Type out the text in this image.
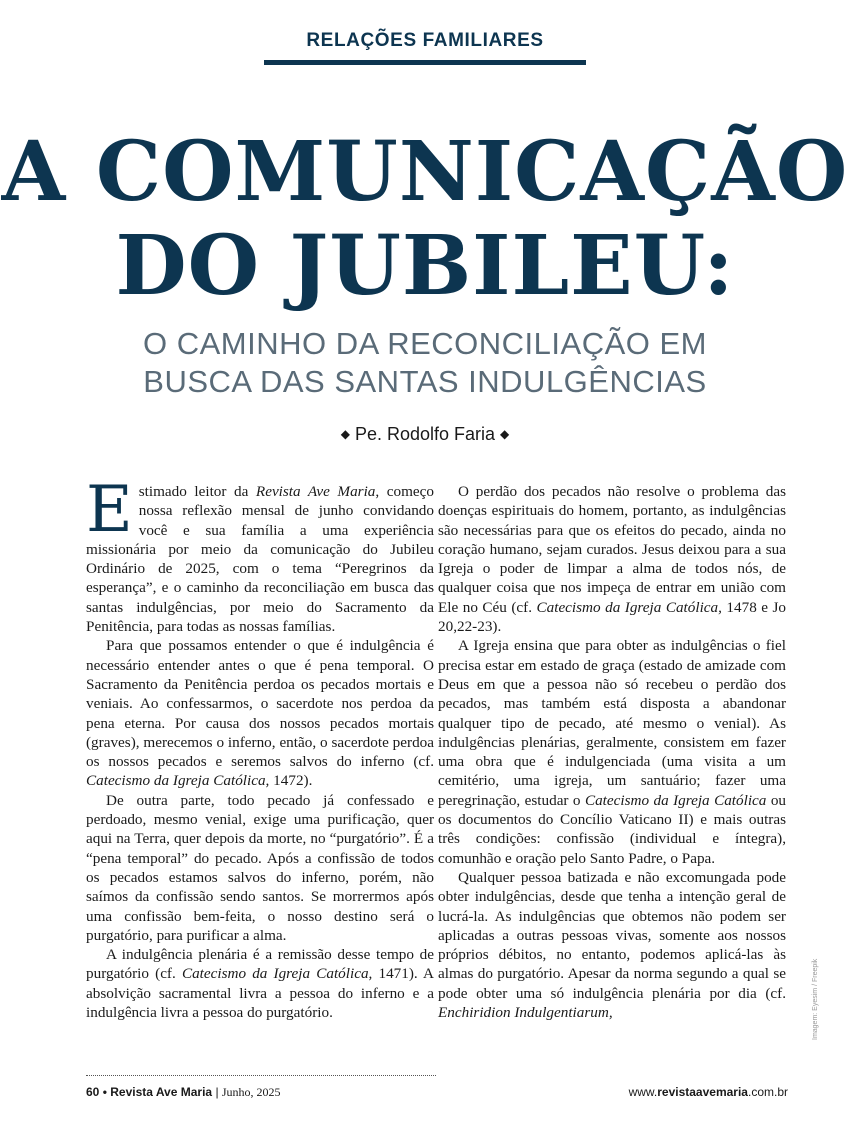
RELAÇÕES FAMILIARES
A COMUNICAÇÃO
DO JUBILEU:
O CAMINHO DA RECONCILIAÇÃO EM
BUSCA DAS SANTAS INDULGÊNCIAS
◆ Pe. Rodolfo Faria ◆

Estimado leitor da Revista Ave Maria, começo nossa reflexão mensal de junho convidando você e sua família a uma experiência missionária por meio da comunicação do Jubileu Ordinário de 2025, com o tema “Peregrinos da esperança”, e o caminho da reconciliação em busca das santas indulgências, por meio do Sacramento da Penitência, para todas as nossas famílias.

Para que possamos entender o que é indulgência é necessário entender antes o que é pena temporal. O Sacramento da Penitência perdoa os pecados mortais e veniais. Ao confessarmos, o sacerdote nos perdoa da pena eterna. Por causa dos nossos pecados mortais (graves), merecemos o inferno, então, o sacerdote perdoa os nossos pecados e seremos salvos do inferno (cf. Catecismo da Igreja Católica, 1472).

De outra parte, todo pecado já confessado e perdoado, mesmo venial, exige uma purificação, quer aqui na Terra, quer depois da morte, no “purgatório”. É a “pena temporal” do pecado. Após a confissão de todos os pecados estamos salvos do inferno, porém, não saímos da confissão sendo santos. Se morrermos após uma confissão bem-feita, o nosso destino será o purgatório, para purificar a alma.

A indulgência plenária é a remissão desse tempo de purgatório (cf. Catecismo da Igreja Católica, 1471). A absolvição sacramental livra a pessoa do inferno e a indulgência livra a pessoa do purgatório.

O perdão dos pecados não resolve o problema das doenças espirituais do homem, portanto, as indulgências são necessárias para que os efeitos do pecado, ainda no coração humano, sejam curados. Jesus deixou para a sua Igreja o poder de limpar a alma de todos nós, de qualquer coisa que nos impeça de entrar em união com Ele no Céu (cf. Catecismo da Igreja Católica, 1478 e Jo 20,22-23).

A Igreja ensina que para obter as indulgências o fiel precisa estar em estado de graça (estado de amizade com Deus em que a pessoa não só recebeu o perdão dos pecados, mas também está disposta a abandonar qualquer tipo de pecado, até mesmo o venial). As indulgências plenárias, geralmente, consistem em fazer uma obra que é indulgenciada (uma visita a um cemitério, uma igreja, um santuário; fazer uma peregrinação, estudar o Catecismo da Igreja Católica ou os documentos do Concílio Vaticano II) e mais outras três condições: confissão (individual e íntegra), comunhão e oração pelo Santo Padre, o Papa.

Qualquer pessoa batizada e não excomungada pode obter indulgências, desde que tenha a intenção geral de lucrá-la. As indulgências que obtemos não podem ser aplicadas a outras pessoas vivas, somente aos nossos próprios débitos, no entanto, podemos aplicá-las às almas do purgatório. Apesar da norma segundo a qual se pode obter uma só indulgência plenária por dia (cf. Enchiridion Indulgentiarum,	Imagem: Eyesim / Freepik
60 • Revista Ave Maria | Junho, 2025	www.revistaavemaria.com.br
